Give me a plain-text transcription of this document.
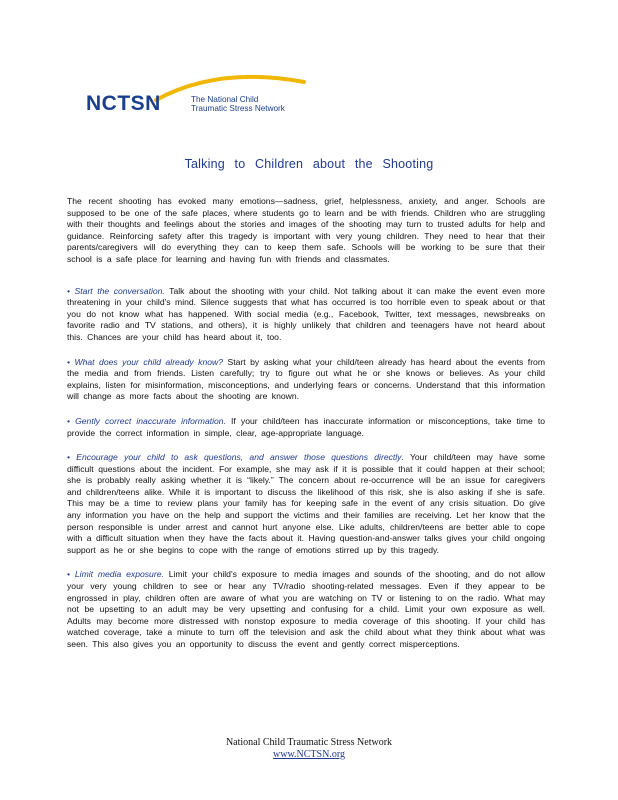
NCTSN	The National Child
Traumatic Stress Network
Talking to Children about the Shooting

The recent shooting has evoked many emotions—sadness, grief, helplessness, anxiety, and anger. Schools are supposed to be one of the safe places, where students go to learn and be with friends. Children who are struggling with their thoughts and feelings about the stories and images of the shooting may turn to trusted adults for help and guidance. Reinforcing safety after this tragedy is important with very young children. They need to hear that their parents/caregivers will do everything they can to keep them safe. Schools will be working to be sure that their school is a safe place for learning and having fun with friends and classmates.

• Start the conversation. Talk about the shooting with your child. Not talking about it can make the event even more threatening in your child's mind. Silence suggests that what has occurred is too horrible even to speak about or that you do not know what has happened. With social media (e.g., Facebook, Twitter, text messages, newsbreaks on favorite radio and TV stations, and others), it is highly unlikely that children and teenagers have not heard about this. Chances are your child has heard about it, too.

• What does your child already know? Start by asking what your child/teen already has heard about the events from the media and from friends. Listen carefully; try to figure out what he or she knows or believes. As your child explains, listen for misinformation, misconceptions, and underlying fears or concerns. Understand that this information will change as more facts about the shooting are known.

• Gently correct inaccurate information. If your child/teen has inaccurate information or misconceptions, take time to provide the correct information in simple, clear, age-appropriate language.

• Encourage your child to ask questions, and answer those questions directly. Your child/teen may have some difficult questions about the incident. For example, she may ask if it is possible that it could happen at their school; she is probably really asking whether it is “likely.” The concern about re-occurrence will be an issue for caregivers and children/teens alike. While it is important to discuss the likelihood of this risk, she is also asking if she is safe. This may be a time to review plans your family has for keeping safe in the event of any crisis situation. Do give any information you have on the help and support the victims and their families are receiving. Let her know that the person responsible is under arrest and cannot hurt anyone else. Like adults, children/teens are better able to cope with a difficult situation when they have the facts about it. Having question-and-answer talks gives your child ongoing support as he or she begins to cope with the range of emotions stirred up by this tragedy.

• Limit media exposure. Limit your child's exposure to media images and sounds of the shooting, and do not allow your very young children to see or hear any TV/radio shooting-related messages. Even if they appear to be engrossed in play, children often are aware of what you are watching on TV or listening to on the radio. What may not be upsetting to an adult may be very upsetting and confusing for a child. Limit your own exposure as well. Adults may become more distressed with nonstop exposure to media coverage of this shooting. If your child has watched coverage, take a minute to turn off the television and ask the child about what they think about what was seen. This also gives you an opportunity to discuss the event and gently correct misperceptions.

National Child Traumatic Stress Network
www.NCTSN.org
